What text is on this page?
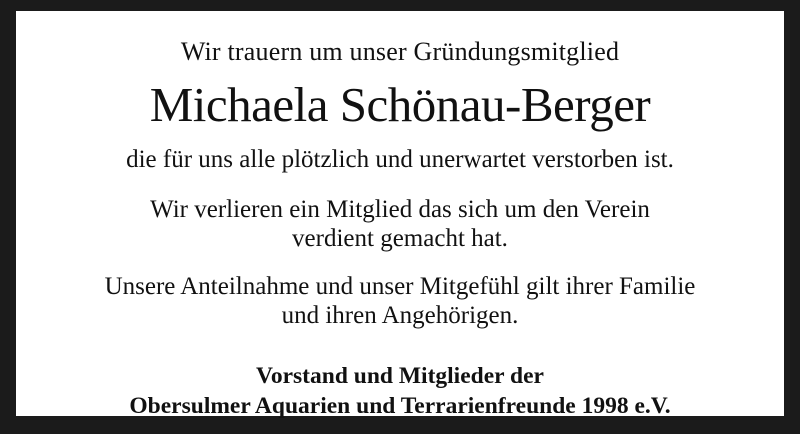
Wir trauern um unser Gründungsmitglied
Michaela Schönau-Berger
die für uns alle plötzlich und unerwartet verstorben ist.
Wir verlieren ein Mitglied das sich um den Verein
verdient gemacht hat.
Unsere Anteilnahme und unser Mitgefühl gilt ihrer Familie
und ihren Angehörigen.
Vorstand und Mitglieder der
Obersulmer Aquarien und Terrarienfreunde 1998 e.V.
